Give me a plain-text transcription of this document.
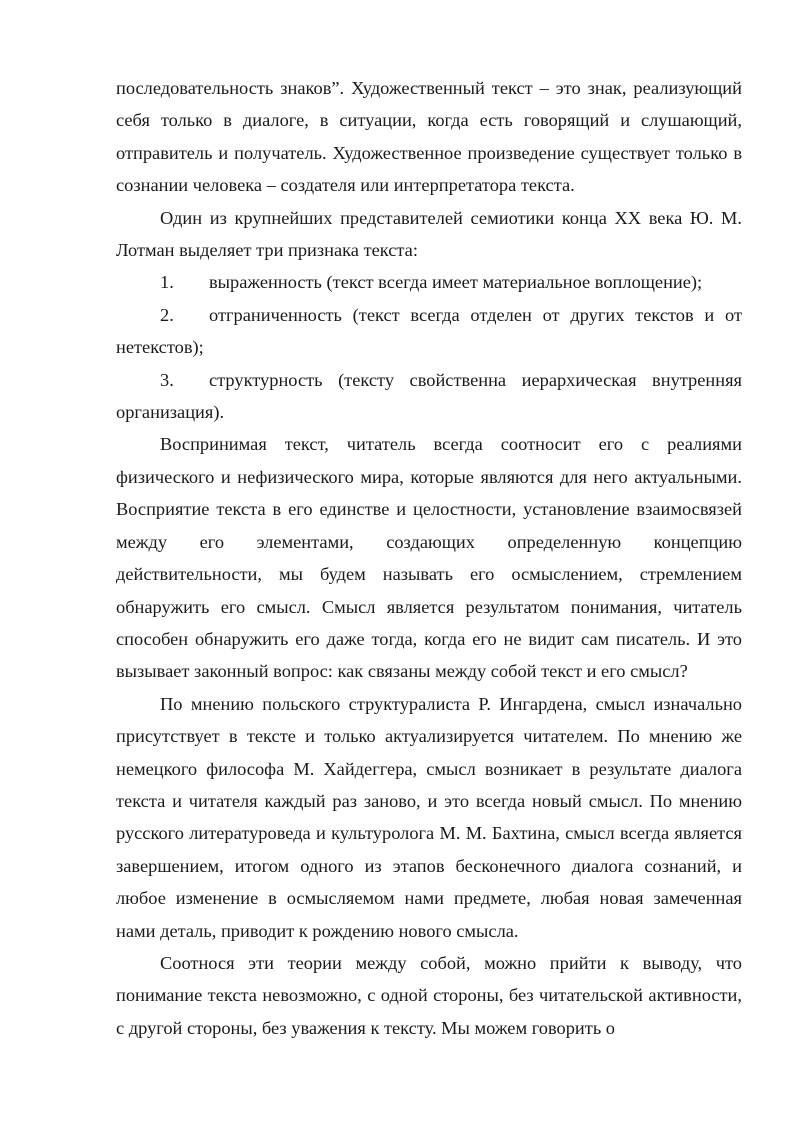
последовательность знаков”. Художественный текст – это знак, реализующий себя только в диалоге, в ситуации, когда есть говорящий и слушающий, отправитель и получатель. Художественное произведение существует только в сознании человека – создателя или интерпретатора текста.

Один из крупнейших представителей семиотики конца XX века Ю. М. Лотман выделяет три признака текста:

1. выраженность (текст всегда имеет материальное воплощение);

2. отграниченность (текст всегда отделен от других текстов и от нетекстов);

3. структурность (тексту свойственна иерархическая внутренняя организация).

Воспринимая текст, читатель всегда соотносит его с реалиями физического и нефизического мира, которые являются для него актуальными. Восприятие текста в его единстве и целостности, установление взаимосвязей между его элементами, создающих определенную концепцию действительности, мы будем называть его осмыслением, стремлением обнаружить его смысл. Смысл является результатом понимания, читатель способен обнаружить его даже тогда, когда его не видит сам писатель. И это вызывает законный вопрос: как связаны между собой текст и его смысл?

По мнению польского структуралиста Р. Ингардена, смысл изначально присутствует в тексте и только актуализируется читателем. По мнению же немецкого философа М. Хайдеггера, смысл возникает в результате диалога текста и читателя каждый раз заново, и это всегда новый смысл. По мнению русского литературоведа и культуролога М. М. Бахтина, смысл всегда является завершением, итогом одного из этапов бесконечного диалога сознаний, и любое изменение в осмысляемом нами предмете, любая новая замеченная нами деталь, приводит к рождению нового смысла.

Соотнося эти теории между собой, можно прийти к выводу, что понимание текста невозможно, с одной стороны, без читательской активности, с другой стороны, без уважения к тексту. Мы можем говорить о
